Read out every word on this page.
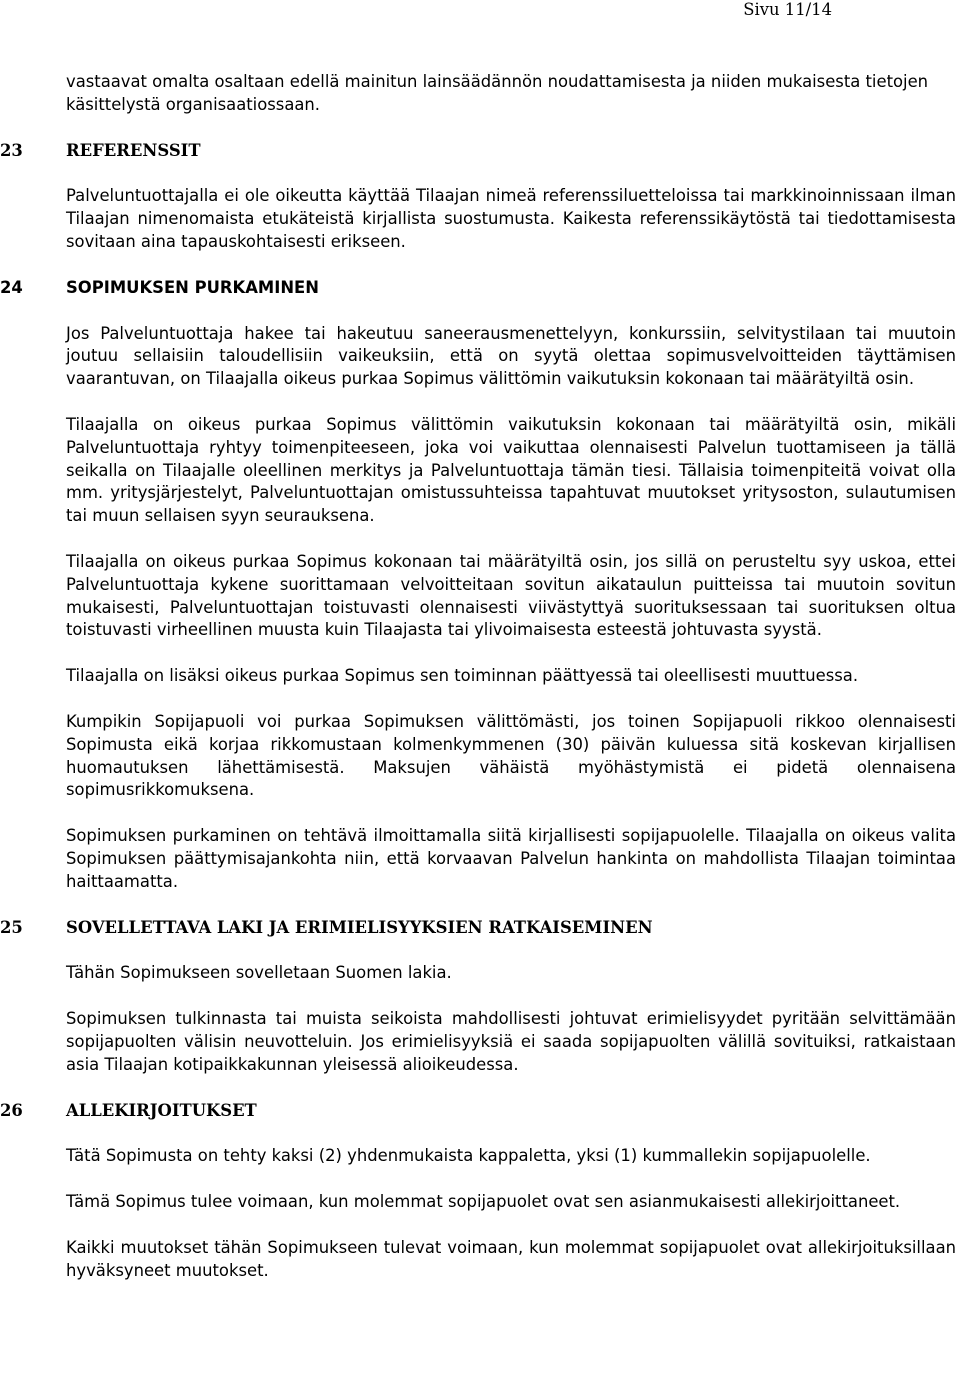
Sivu 11/14

vastaavat omalta osaltaan edellä mainitun lainsäädännön noudattamisesta ja niiden mukaisesta tietojen käsittelystä organisaatiossaan.

23	REFERENSSIT

Palveluntuottajalla ei ole oikeutta käyttää Tilaajan nimeä referenssiluetteloissa tai markkinoinnissaan ilman Tilaajan nimenomaista etukäteistä kirjallista suostumusta. Kaikesta referenssikäytöstä tai tiedottamisesta sovitaan aina tapauskohtaisesti erikseen.

24	SOPIMUKSEN PURKAMINEN

Jos Palveluntuottaja hakee tai hakeutuu saneerausmenettelyyn, konkurssiin, selvitystilaan tai muutoin joutuu sellaisiin taloudellisiin vaikeuksiin, että on syytä olettaa sopimusvelvoitteiden täyttämisen vaarantuvan, on Tilaajalla oikeus purkaa Sopimus välittömin vaikutuksin kokonaan tai määrätyiltä osin.

Tilaajalla on oikeus purkaa Sopimus välittömin vaikutuksin kokonaan tai määrätyiltä osin, mikäli Palveluntuottaja ryhtyy toimenpiteeseen, joka voi vaikuttaa olennaisesti Palvelun tuottamiseen ja tällä seikalla on Tilaajalle oleellinen merkitys ja Palveluntuottaja tämän tiesi. Tällaisia toimenpiteitä voivat olla mm. yritysjärjestelyt, Palveluntuottajan omistussuhteissa tapahtuvat muutokset yritysoston, sulautumisen tai muun sellaisen syyn seurauksena.

Tilaajalla on oikeus purkaa Sopimus kokonaan tai määrätyiltä osin, jos sillä on perusteltu syy uskoa, ettei Palveluntuottaja kykene suorittamaan velvoitteitaan sovitun aikataulun puitteissa tai muutoin sovitun mukaisesti, Palveluntuottajan toistuvasti olennaisesti viivästyttyä suorituksessaan tai suorituksen oltua toistuvasti virheellinen muusta kuin Tilaajasta tai ylivoimaisesta esteestä johtuvasta syystä.

Tilaajalla on lisäksi oikeus purkaa Sopimus sen toiminnan päättyessä tai oleellisesti muuttuessa.

Kumpikin Sopijapuoli voi purkaa Sopimuksen välittömästi, jos toinen Sopijapuoli rikkoo olennaisesti Sopimusta eikä korjaa rikkomustaan kolmenkymmenen (30) päivän kuluessa sitä koskevan kirjallisen huomautuksen lähettämisestä. Maksujen vähäistä myöhästymistä ei pidetä olennaisena sopimusrikkomuksena.

Sopimuksen purkaminen on tehtävä ilmoittamalla siitä kirjallisesti sopijapuolelle. Tilaajalla on oikeus valita Sopimuksen päättymisajankohta niin, että korvaavan Palvelun hankinta on mahdollista Tilaajan toimintaa haittaamatta.

25	SOVELLETTAVA LAKI JA ERIMIELISYYKSIEN RATKAISEMINEN

Tähän Sopimukseen sovelletaan Suomen lakia.

Sopimuksen tulkinnasta tai muista seikoista mahdollisesti johtuvat erimielisyydet pyritään selvittämään sopijapuolten välisin neuvotteluin. Jos erimielisyyksiä ei saada sopijapuolten välillä sovituiksi, ratkaistaan asia Tilaajan kotipaikkakunnan yleisessä alioikeudessa.

26	ALLEKIRJOITUKSET

Tätä Sopimusta on tehty kaksi (2) yhdenmukaista kappaletta, yksi (1) kummallekin sopijapuolelle.

Tämä Sopimus tulee voimaan, kun molemmat sopijapuolet ovat sen asianmukaisesti allekirjoittaneet.

Kaikki muutokset tähän Sopimukseen tulevat voimaan, kun molemmat sopijapuolet ovat allekirjoituksillaan hyväksyneet muutokset.
